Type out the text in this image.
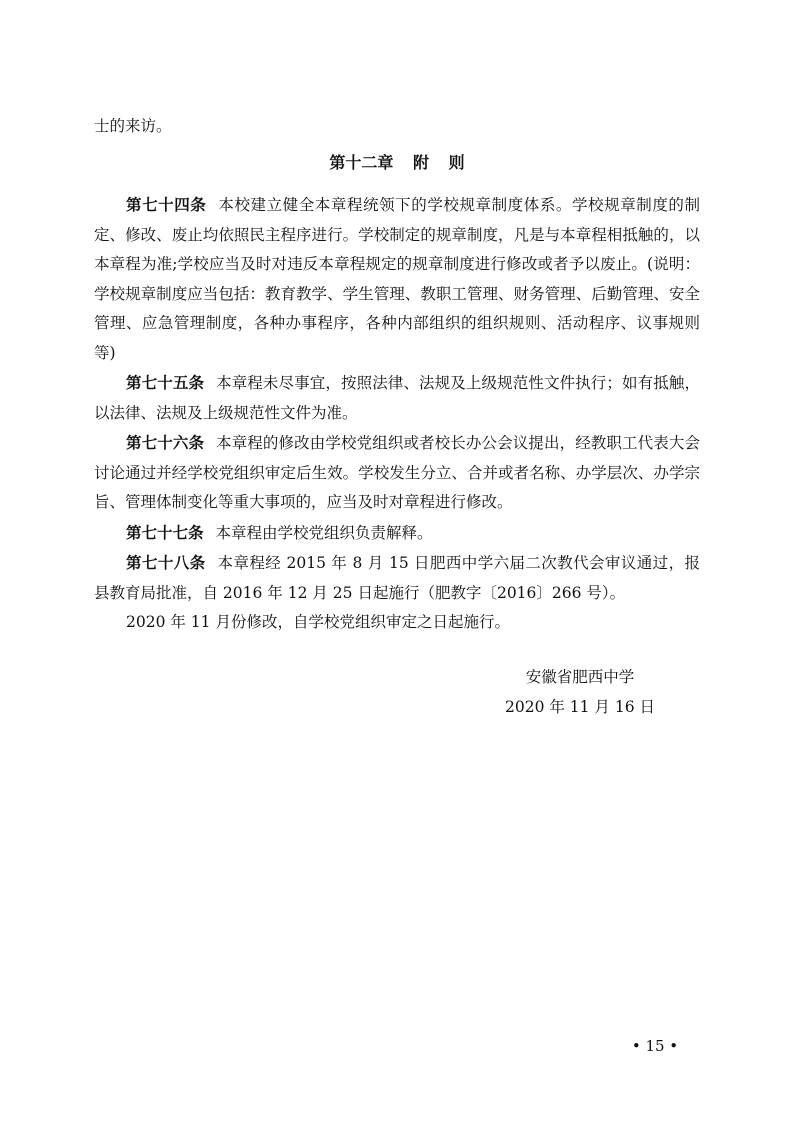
士的来访。

第十二章 附 则

第七十四条 本校建立健全本章程统领下的学校规章制度体系。学校规章制度的制定、修改、废止均依照民主程序进行。学校制定的规章制度，凡是与本章程相抵触的，以本章程为准;学校应当及时对违反本章程规定的规章制度进行修改或者予以废止。(说明：学校规章制度应当包括：教育教学、学生管理、教职工管理、财务管理、后勤管理、安全管理、应急管理制度，各种办事程序，各种内部组织的组织规则、活动程序、议事规则等)

第七十五条 本章程未尽事宜，按照法律、法规及上级规范性文件执行；如有抵触，以法律、法规及上级规范性文件为准。

第七十六条 本章程的修改由学校党组织或者校长办公会议提出，经教职工代表大会讨论通过并经学校党组织审定后生效。学校发生分立、合并或者名称、办学层次、办学宗旨、管理体制变化等重大事项的，应当及时对章程进行修改。

第七十七条 本章程由学校党组织负责解释。

第七十八条 本章程经 2015 年 8 月 15 日肥西中学六届二次教代会审议通过，报县教育局批准，自 2016 年 12 月 25 日起施行（肥教字〔2016〕266 号）。

2020 年 11 月份修改，自学校党组织审定之日起施行。

安徽省肥西中学
2020 年 11 月 16 日
• 15 •
